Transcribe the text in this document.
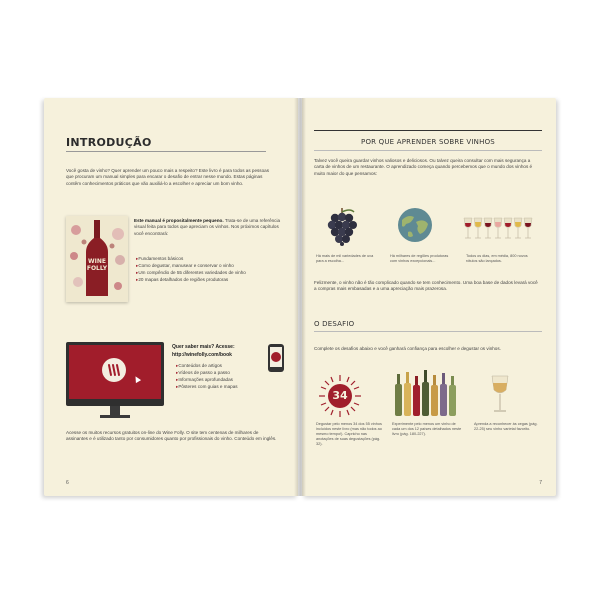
INTRODUÇÃO

Você gosta de vinho? Quer aprender um pouco mais a respeito? Este livro é para todos as pessoas que procuram um manual simples para encarar o desafio de entrar nesse mundo. Estas páginas contêm conhecimentos práticos que vão auxiliá-lo a escolher e apreciar um bom vinho.

WINE
FOLLY

Este manual é propositalmente pequeno. Trata-se de uma referência visual feita para todos que apreciam os vinhos. Nos próximos capítulos você encontrará:

▸ Fundamentos básicos
▸ Como degustar, manusear e conservar o vinho
▸ Um compêndio de 55 diferentes variedades de vinho
▸ 20 mapas detalhados de regiões produtoras

Quer saber mais? Acesse:

http://winefolly.com/book

▸ Conteúdos de artigos
▸ Vídeos de passo a passo
▸ Informações aprofundadas
▸ Pôsteres com guias e mapas

Acesse os muitos recursos gratuitos on-line do Wine Folly. O site tem centenas de milhares de assinantes e é utilizado tanto por consumidores quanto por profissionais do vinho. Conteúdo em inglês.

6
POR QUE APRENDER SOBRE VINHOS

Talvez você queira guardar vinhos valiosos e deliciosos. Ou talvez queira consultar com mais segurança a carta de vinhos de um restaurante. O aprendizado começa quando percebemos que o mundo dos vinhos é muito maior do que pensamos:

Há mais de mil variedades de uva para a escolha...
Há milhares de regiões produtoras com vinhos excepcionais...
Todos os dias, em média, 800 novos rótulos são lançados.

Felizmente, o vinho não é tão complicado quando se tem conhecimento. Uma boa base de dados levará você a compras mais embasadas e a uma apreciação mais prazerosa.

O DESAFIO

Complete os desafios abaixo e você ganhará confiança para escolher e degustar os vinhos.

34
Degustar pelo menos 34 dos 55 vinhos incluídos neste livro (mas não todos ao mesmo tempo!). Capricho nas anotações de suas degustações (pág. 32).
Experimente pelo menos um vinho de cada um dos 12 países detalhados neste livro (pág. 180-227).
Aprenda a reconhecer às cegas (pág. 22-25) seu vinho varietal favorito.
7
